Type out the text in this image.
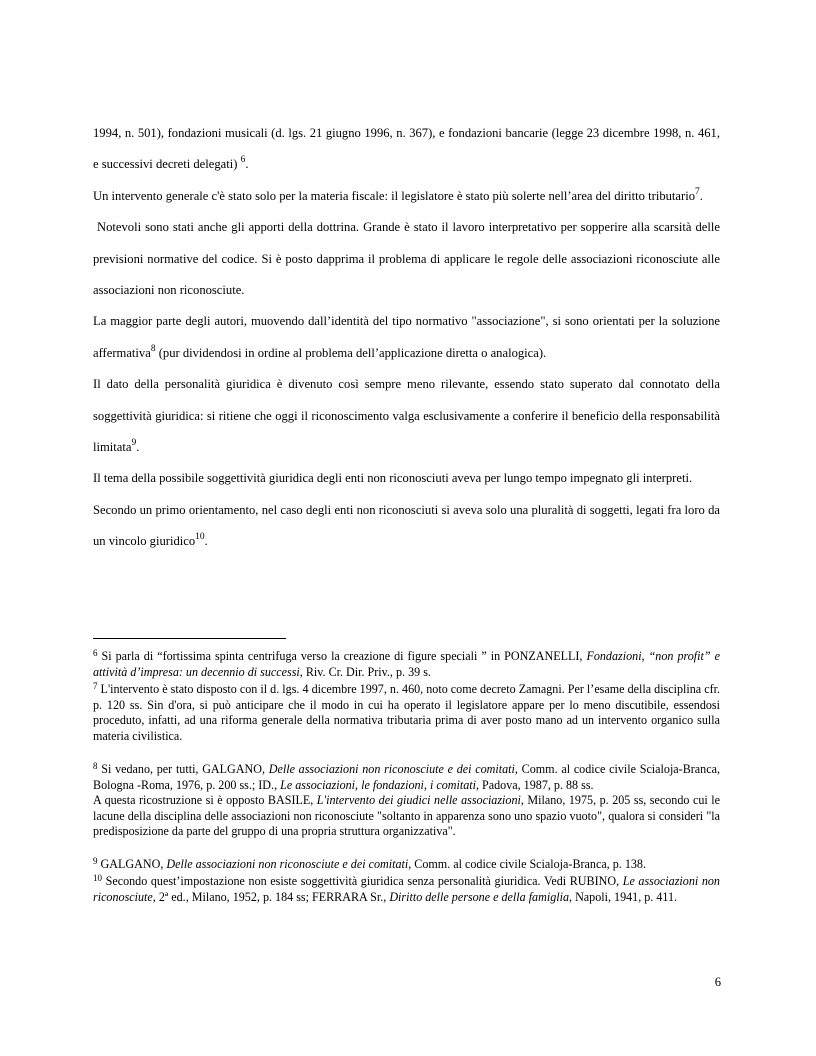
1994, n. 501), fondazioni musicali (d. lgs. 21 giugno 1996, n. 367), e fondazioni bancarie (legge 23 dicembre 1998, n. 461, e successivi decreti delegati) $^6$.

Un intervento generale c'è stato solo per la materia fiscale: il legislatore è stato più solerte nell’area del diritto tributario$^7$.

Notevoli sono stati anche gli apporti della dottrina. Grande è stato il lavoro interpretativo per sopperire alla scarsità delle previsioni normative del codice. Si è posto dapprima il problema di applicare le regole delle associazioni riconosciute alle associazioni non riconosciute.

La maggior parte degli autori, muovendo dall’identità del tipo normativo "associazione", si sono orientati per la soluzione affermativa$^8$ (pur dividendosi in ordine al problema dell’applicazione diretta o analogica).

Il dato della personalità giuridica è divenuto così sempre meno rilevante, essendo stato superato dal connotato della soggettività giuridica: si ritiene che oggi il riconoscimento valga esclusivamente a conferire il beneficio della responsabilità limitata$^9$.

Il tema della possibile soggettività giuridica degli enti non riconosciuti aveva per lungo tempo impegnato gli interpreti.

Secondo un primo orientamento, nel caso degli enti non riconosciuti si aveva solo una pluralità di soggetti, legati fra loro da un vincolo giuridico$^{10}$.

$^6$ Si parla di “fortissima spinta centrifuga verso la creazione di figure speciali ” in PONZANELLI, Fondazioni, “non profit” e attività d’impresa: un decennio di successi, Riv. Cr. Dir. Priv., p. 39 s.

$^7$ L'intervento è stato disposto con il d. lgs. 4 dicembre 1997, n. 460, noto come decreto Zamagni. Per l’esame della disciplina cfr. p. 120 ss. Sin d'ora, si può anticipare che il modo in cui ha operato il legislatore appare per lo meno discutibile, essendosi proceduto, infatti, ad una riforma generale della normativa tributaria prima di aver posto mano ad un intervento organico sulla materia civilistica.

$^8$ Si vedano, per tutti, GALGANO, Delle associazioni non riconosciute e dei comitati, Comm. al codice civile Scialoja-Branca, Bologna -Roma, 1976, p. 200 ss.; ID., Le associazioni, le fondazioni, i comitati, Padova, 1987, p. 88 ss.

A questa ricostruzione si è opposto BASILE, L'intervento dei giudici nelle associazioni, Milano, 1975, p. 205 ss, secondo cui le lacune della disciplina delle associazioni non riconosciute "soltanto in apparenza sono uno spazio vuoto", qualora si consideri "la predisposizione da parte del gruppo di una propria struttura organizzativa".

$^9$ GALGANO, Delle associazioni non riconosciute e dei comitati, Comm. al codice civile Scialoja-Branca, p. 138.

$^{10}$ Secondo quest’impostazione non esiste soggettività giuridica senza personalità giuridica. Vedi RUBINO, Le associazioni non riconosciute, 2ª ed., Milano, 1952, p. 184 ss; FERRARA Sr., Diritto delle persone e della famiglia, Napoli, 1941, p. 411.

6
